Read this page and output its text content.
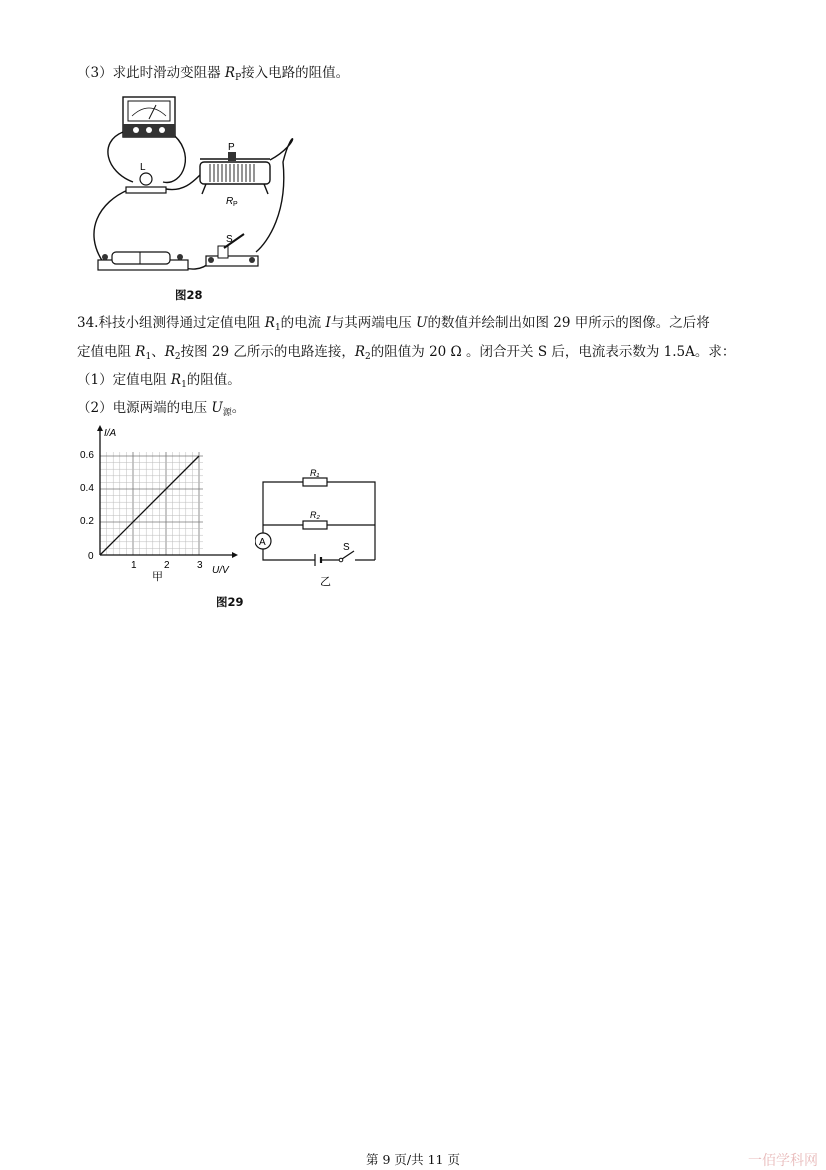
（3）求此时滑动变阻器 $R_P$接入电路的阻值。
L
P
R P
S
图28
34.科技小组测得通过定值电阻 $R_1$的电流 I与其两端电压 U的数值并绘制出如图 29 甲所示的图像。之后将
定值电阻 $R_1$、$R_2$按图 29 乙所示的电路连接，$R_2$的阻值为 20 Ω 。闭合开关 S 后，电流表示数为 1.5A。求：
（1）定值电阻 $R_1$的阻值。
（2）电源两端的电压 $U_源$。
I/A
U/V
0.6
0.4
0.2
0
1	2	3
甲
A	S
R₁
R₂
乙
图29
第 9 页/共 11 页	一佰学科网
